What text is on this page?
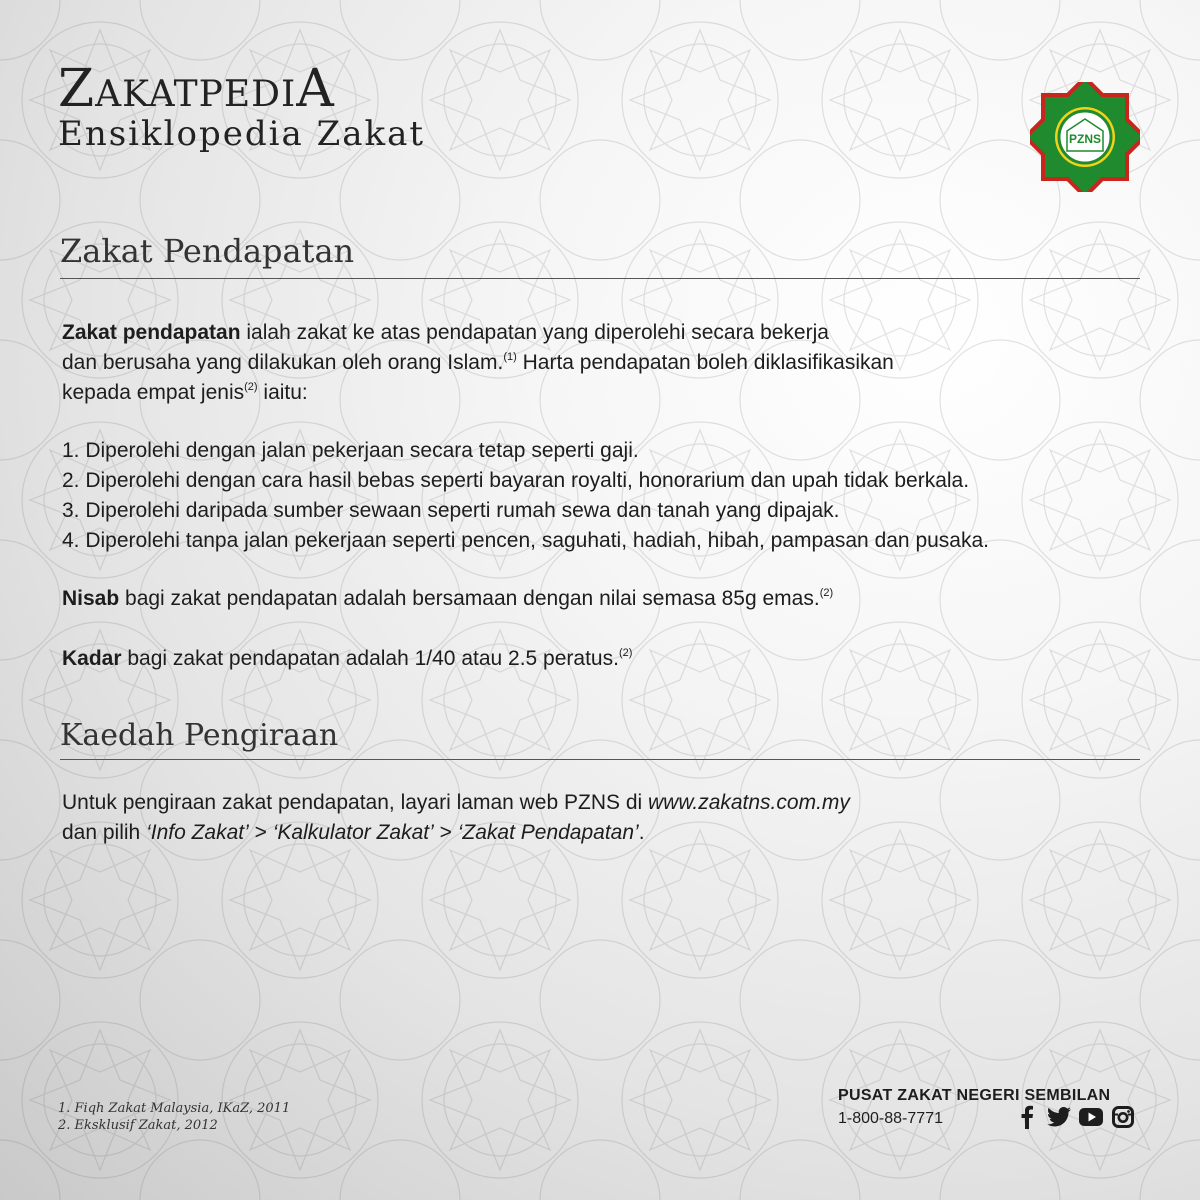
ZakatpediA
Ensiklopedia Zakat	PZNS
Zakat Pendapatan
Zakat pendapatan ialah zakat ke atas pendapatan yang diperolehi secara bekerja
dan berusaha yang dilakukan oleh orang Islam.$^{(1)}$ Harta pendapatan boleh diklasifikasikan
kepada empat jenis$^{(2)}$ iaitu:
1. Diperolehi dengan jalan pekerjaan secara tetap seperti gaji.
2. Diperolehi dengan cara hasil bebas seperti bayaran royalti, honorarium dan upah tidak berkala.
3. Diperolehi daripada sumber sewaan seperti rumah sewa dan tanah yang dipajak.
4. Diperolehi tanpa jalan pekerjaan seperti pencen, saguhati, hadiah, hibah, pampasan dan pusaka.
Nisab bagi zakat pendapatan adalah bersamaan dengan nilai semasa 85g emas.$^{(2)}$
Kadar bagi zakat pendapatan adalah 1/40 atau 2.5 peratus.$^{(2)}$
Kaedah Pengiraan
Untuk pengiraan zakat pendapatan, layari laman web PZNS di www.zakatns.com.my
dan pilih ‘Info Zakat’ > ‘Kalkulator Zakat’ > ‘Zakat Pendapatan’.
1. Fiqh Zakat Malaysia, IKaZ, 2011
2. Eksklusif Zakat, 2012
PUSAT ZAKAT NEGERI SEMBILAN
1-800-88-7771
